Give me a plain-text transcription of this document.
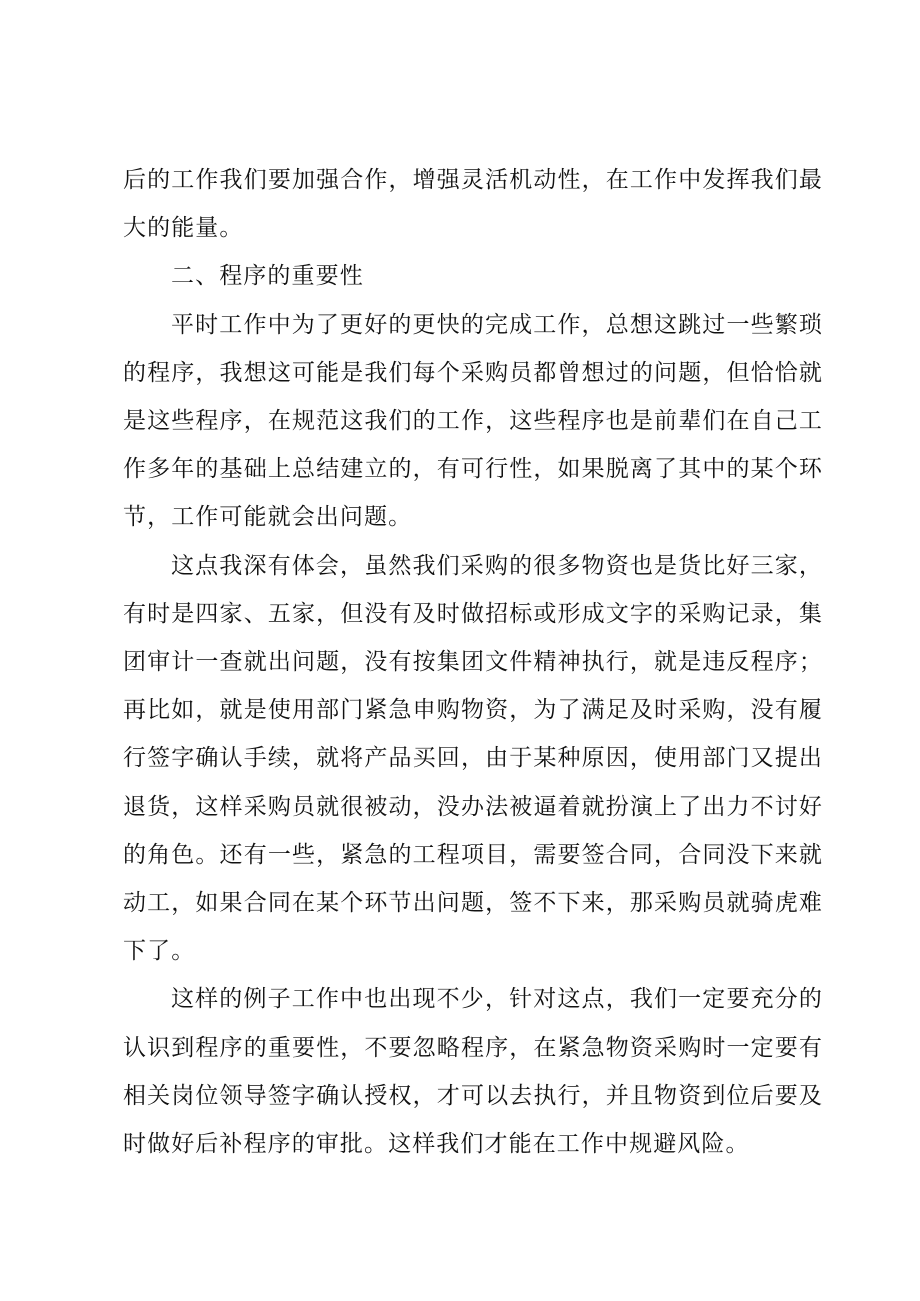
后的工作我们要加强合作，增强灵活机动性，在工作中发挥我们最大的能量。

二、程序的重要性

平时工作中为了更好的更快的完成工作，总想这跳过一些繁琐的程序，我想这可能是我们每个采购员都曾想过的问题，但恰恰就是这些程序，在规范这我们的工作，这些程序也是前辈们在自己工作多年的基础上总结建立的，有可行性，如果脱离了其中的某个环节，工作可能就会出问题。

这点我深有体会，虽然我们采购的很多物资也是货比好三家，有时是四家、五家，但没有及时做招标或形成文字的采购记录，集团审计一查就出问题，没有按集团文件精神执行，就是违反程序；再比如，就是使用部门紧急申购物资，为了满足及时采购，没有履行签字确认手续，就将产品买回，由于某种原因，使用部门又提出退货，这样采购员就很被动，没办法被逼着就扮演上了出力不讨好的角色。还有一些，紧急的工程项目，需要签合同，合同没下来就动工，如果合同在某个环节出问题，签不下来，那采购员就骑虎难下了。

这样的例子工作中也出现不少，针对这点，我们一定要充分的认识到程序的重要性，不要忽略程序，在紧急物资采购时一定要有相关岗位领导签字确认授权，才可以去执行，并且物资到位后要及时做好后补程序的审批。这样我们才能在工作中规避风险。
